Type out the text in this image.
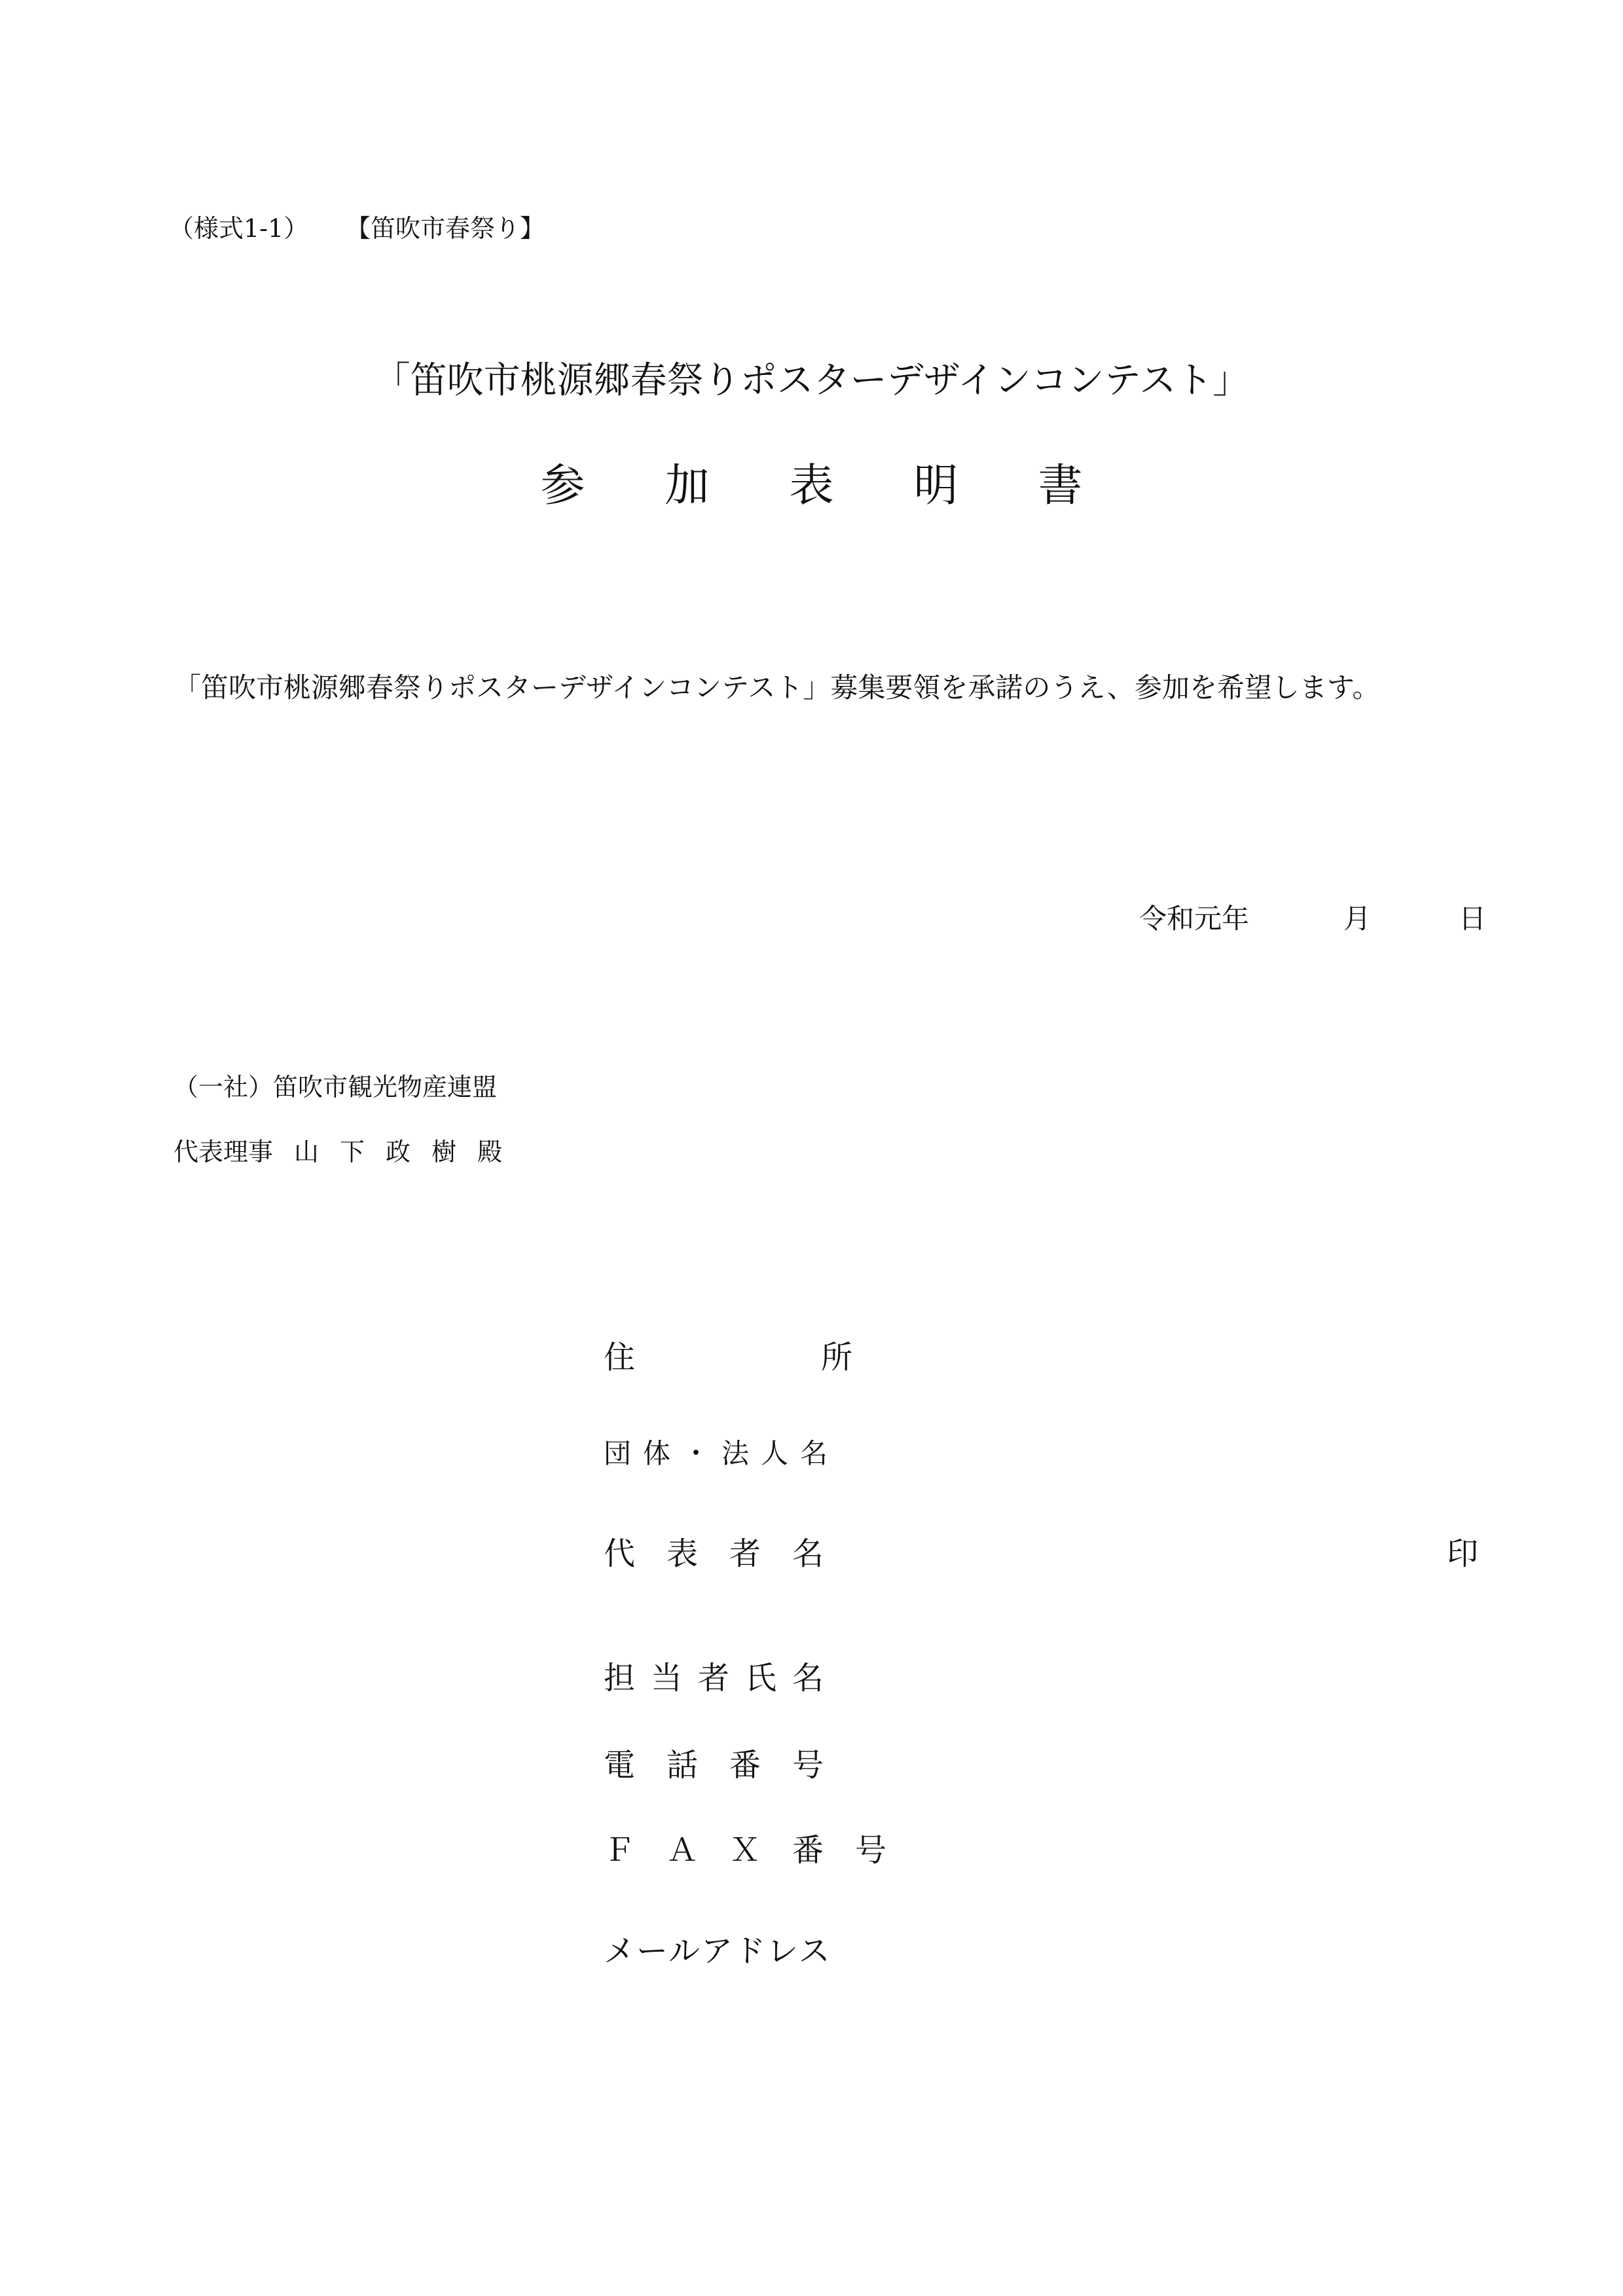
（様式1-1） 【笛吹市春祭り】
「笛吹市桃源郷春祭りポスターデザインコンテスト」
参 加 表 明 書
「笛吹市桃源郷春祭りポスターデザインコンテスト」募集要領を承諾のうえ、参加を希望します。
令和元年	月	日
（一社）笛吹市観光物産連盟
代表理事 山 下 政 樹 殿
住	所
団体・法人名
代表者名	印
担当者氏名
電話番号
ＦＡＸ番号
メールアドレス
